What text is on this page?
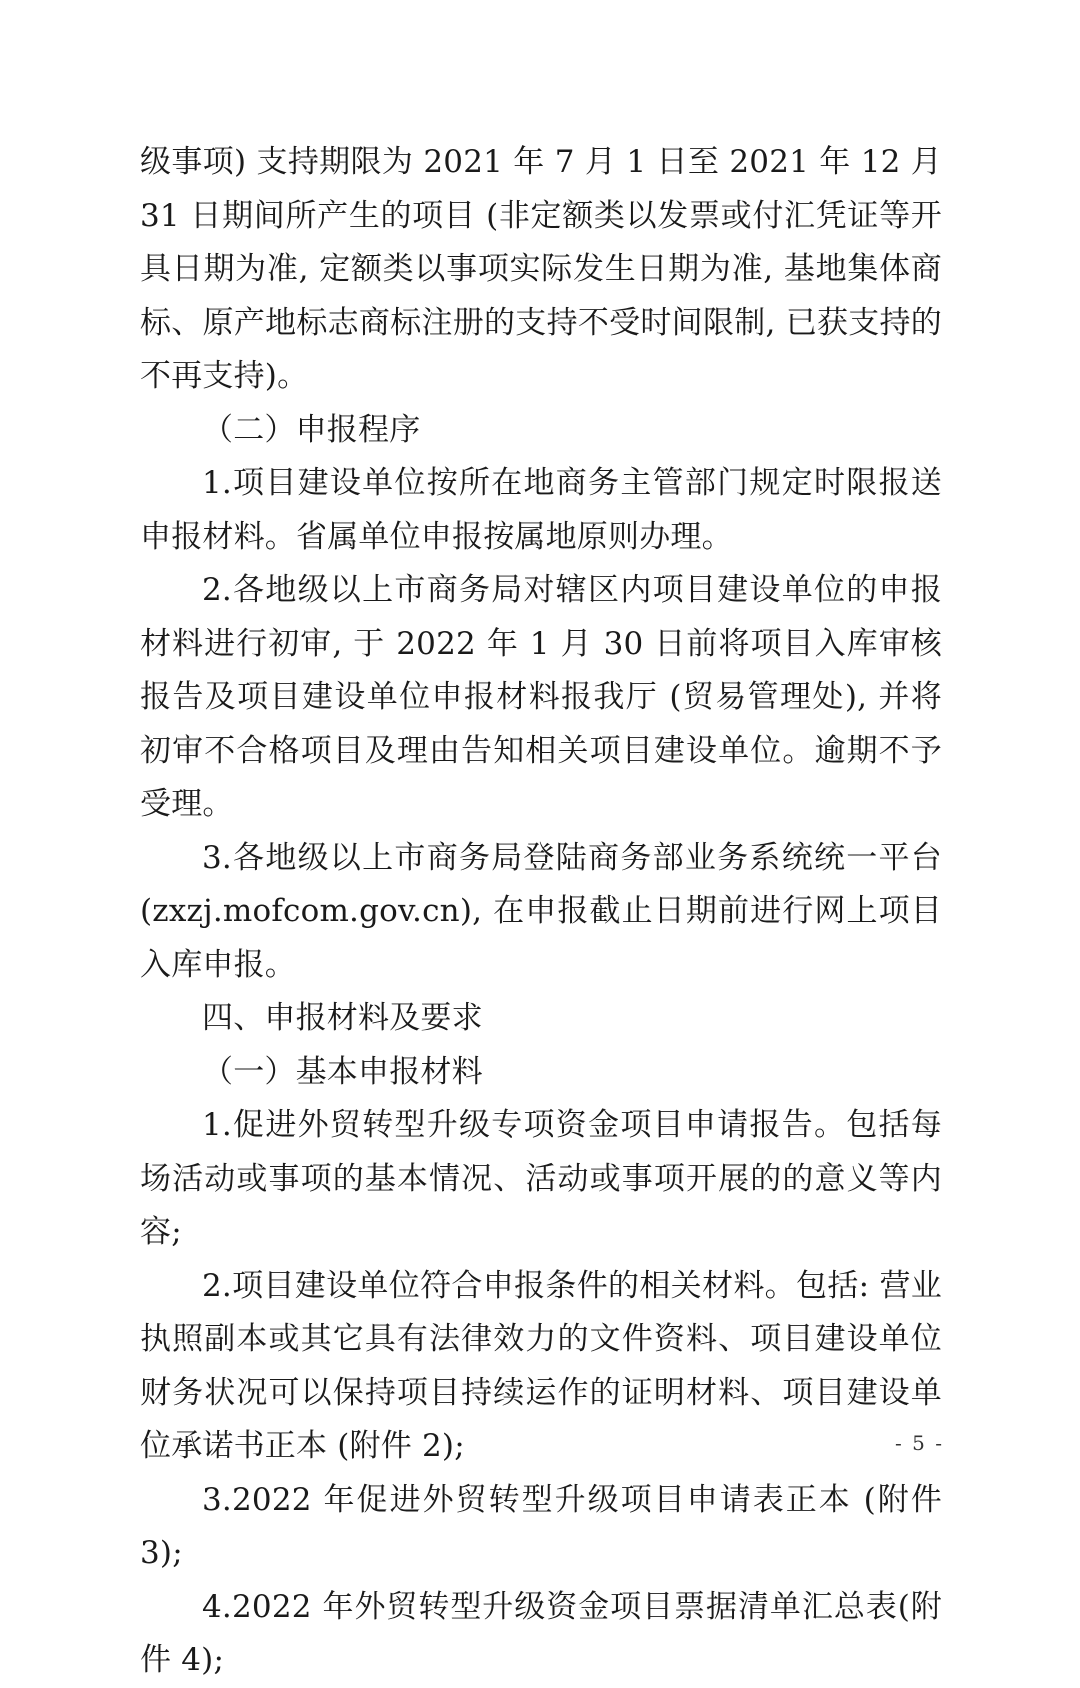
级事项) 支持期限为 2021 年 7 月 1 日至 2021 年 12 月 31 日期间所产生的项目 (非定额类以发票或付汇凭证等开具日期为准, 定额类以事项实际发生日期为准, 基地集体商标、原产地标志商标注册的支持不受时间限制, 已获支持的不再支持)。

（二）申报程序

1.项目建设单位按所在地商务主管部门规定时限报送申报材料。省属单位申报按属地原则办理。

2.各地级以上市商务局对辖区内项目建设单位的申报材料进行初审, 于 2022 年 1 月 30 日前将项目入库审核报告及项目建设单位申报材料报我厅 (贸易管理处), 并将初审不合格项目及理由告知相关项目建设单位。逾期不予受理。

3.各地级以上市商务局登陆商务部业务系统统一平台 (zxzj.mofcom.gov.cn), 在申报截止日期前进行网上项目入库申报。

四、申报材料及要求

（一）基本申报材料

1.促进外贸转型升级专项资金项目申请报告。包括每场活动或事项的基本情况、活动或事项开展的的意义等内容;

2.项目建设单位符合申报条件的相关材料。包括: 营业执照副本或其它具有法律效力的文件资料、项目建设单位财务状况可以保持项目持续运作的证明材料、项目建设单位承诺书正本 (附件 2);

3.2022 年促进外贸转型升级项目申请表正本 (附件 3);

4.2022 年外贸转型升级资金项目票据清单汇总表(附件 4);

- 5 -
